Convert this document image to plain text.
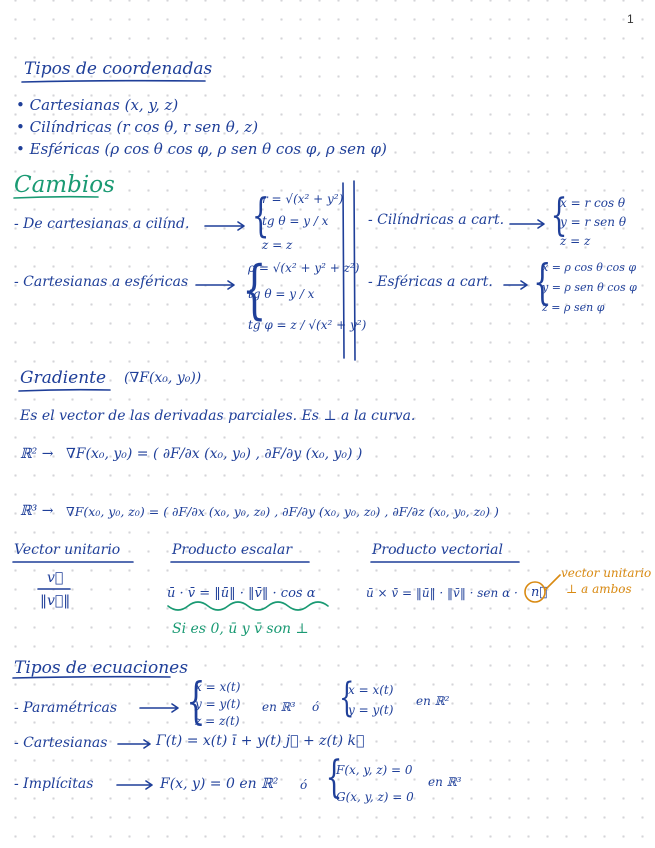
1
Tipos de coordenadas
• Cartesianas (x, y, z)
• Cilíndricas (r cos θ, r sen θ, z)
• Esféricas (ρ cos θ cos φ, ρ sen θ cos φ, ρ sen φ)
Cambios
- De cartesianas a cilínd. {
r = √(x² + y²)
tg θ = y / x
z = z
- Cartesianas a esféricas {
ρ = √(x² + y² + z²)
tg θ = y / x
tg φ = z / √(x² + y²)
- Cilíndricas a cart. {
x = r cos θ
y = r sen θ
z = z
- Esféricas a cart. {
x = ρ cos θ cos φ
y = ρ sen θ cos φ
z = ρ sen φ
Gradiente (∇F(x₀, y₀))
Es el vector de las derivadas parciales. Es ⊥ a la curva.
ℝ² → ∇F(x₀, y₀) = ( ∂F/∂x (x₀, y₀) , ∂F/∂y (x₀, y₀) )
ℝ³ → ∇F(x₀, y₀, z₀) = ( ∂F/∂x (x₀, y₀, z₀) , ∂F/∂y (x₀, y₀, z₀) , ∂F/∂z (x₀, y₀, z₀) )
Vector unitario
v⃗
‖v⃗‖
Producto escalar
ū · v̄ = ‖ū‖ · ‖v̄‖ · cos α
Si es 0, ū y v̄ son ⊥
Producto vectorial
ū × v̄ = ‖ū‖ · ‖v̄‖ · sen α · n⃗
vector unitario
⊥ a ambos
Tipos de ecuaciones
- Paramétricas {
x = x(t)
y = y(t)
z = z(t)
en ℝ³ ó {
x = x(t)
y = y(t)
en ℝ²
- Cartesianas	Γ(t) = x(t) ī + y(t) j⃗ + z(t) k⃗
- Implícitas	F(x, y) = 0 en ℝ² ó {
F(x, y, z) = 0
G(x, y, z) = 0
en ℝ³
